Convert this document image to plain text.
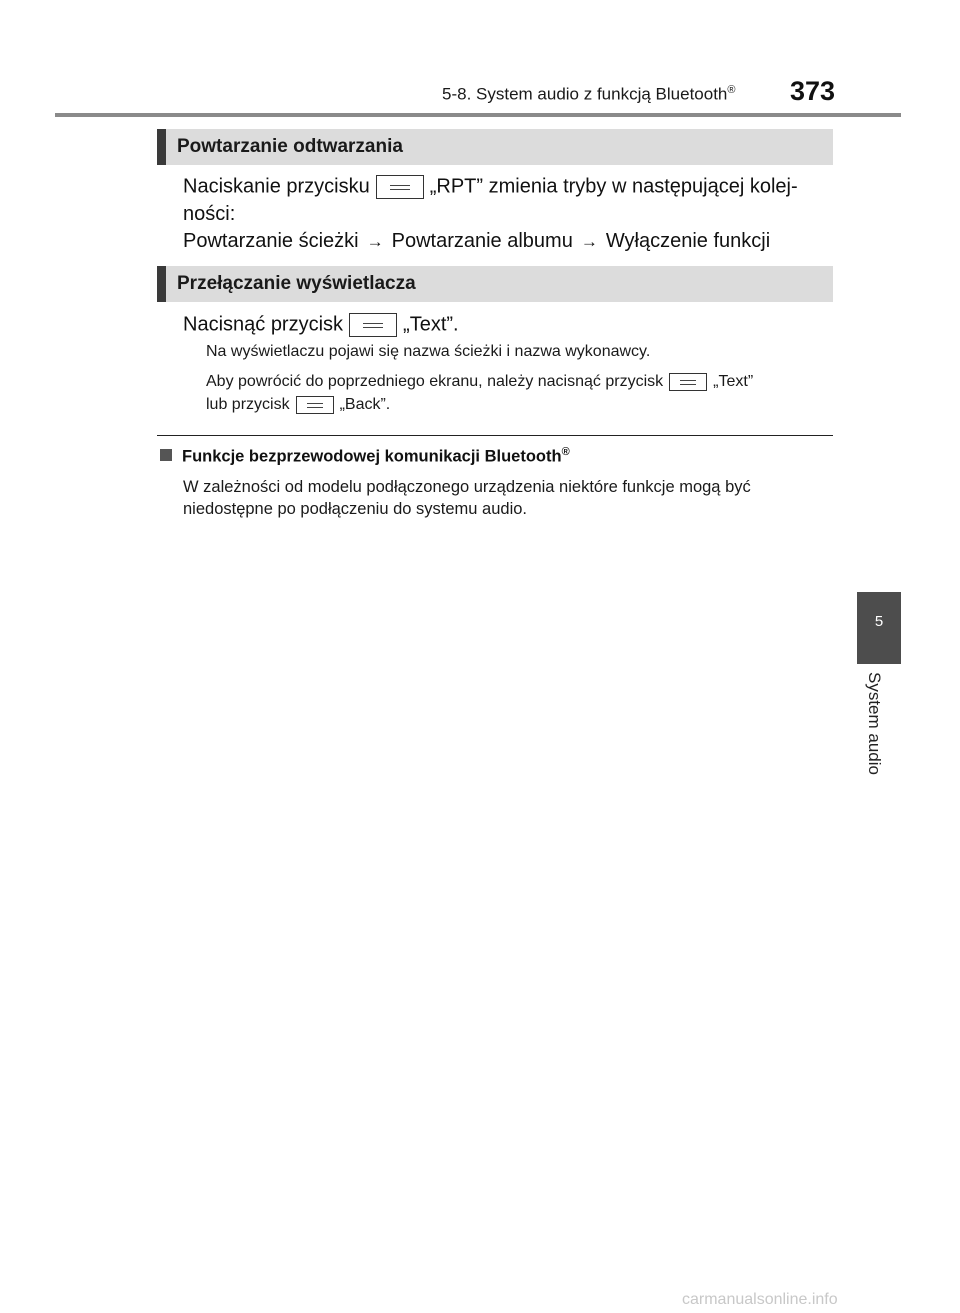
5-8. System audio z funkcją Bluetooth® 373
5
System audio
Powtarzanie odtwarzania
Naciskanie przycisku	„RPT” zmienia tryby w następującej kolej-
ności:
Powtarzanie ścieżki → Powtarzanie albumu → Wyłączenie funkcji
Przełączanie wyświetlacza
Nacisnąć przycisk	„Text”.
Na wyświetlaczu pojawi się nazwa ścieżki i nazwa wykonawcy.
Aby powrócić do poprzedniego ekranu, należy nacisnąć przycisk	„Text”
lub przycisk	„Back”.
Funkcje bezprzewodowej komunikacji Bluetooth®
W zależności od modelu podłączonego urządzenia niektóre funkcje mogą być
niedostępne po podłączeniu do systemu audio.
carmanualsonline.info
